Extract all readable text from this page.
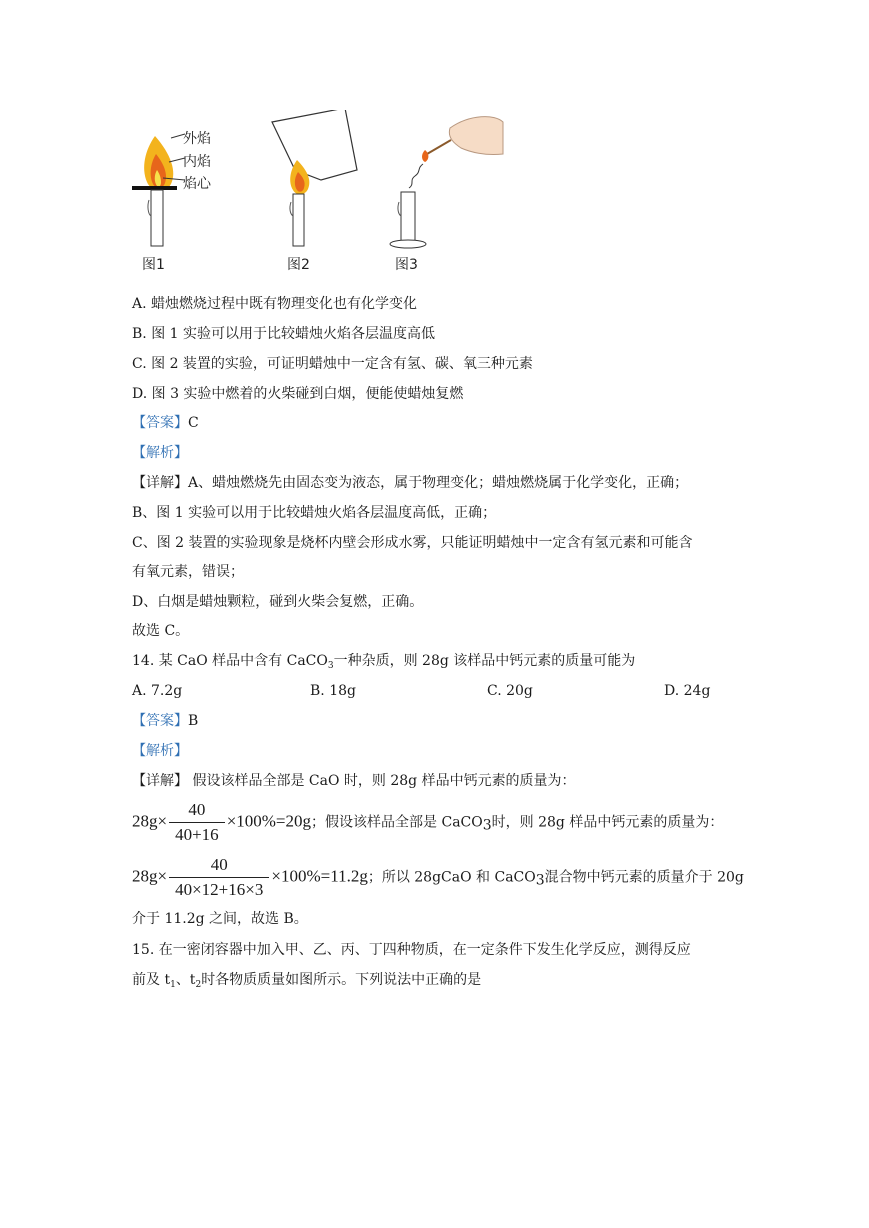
外焰
内焰
焰心
图1	图2	图3
A. 蜡烛燃烧过程中既有物理变化也有化学变化
B. 图 1 实验可以用于比较蜡烛火焰各层温度高低
C. 图 2 装置的实验，可证明蜡烛中一定含有氢、碳、氧三种元素
D. 图 3 实验中燃着的火柴碰到白烟，便能使蜡烛复燃
【答案】C
【解析】
【详解】A、蜡烛燃烧先由固态变为液态，属于物理变化；蜡烛燃烧属于化学变化，正确；
B、图 1 实验可以用于比较蜡烛火焰各层温度高低，正确；
C、图 2 装置的实验现象是烧杯内壁会形成水雾，只能证明蜡烛中一定含有氢元素和可能含
有氧元素，错误；
D、白烟是蜡烛颗粒，碰到火柴会复燃，正确。
故选 C。
14. 某 CaO 样品中含有 CaCO$_3$一种杂质，则 28g 该样品中钙元素的质量可能为
A. 7.2g	B. 18g	C. 20g	D. 24g
【答案】B
【解析】
【详解】 假设该样品全部是 CaO 时，则 28g 样品中钙元素的质量为：
$28g\times \frac{40}{40+16} \times 100\%=20g$；假设该样品全部是 CaCO$_3$时，则 28g 样品中钙元素的质量为：
$28g\times \frac{40}{40\times 12+16\times 3} \times 100\%=11.2g$；所以 28gCaO 和 CaCO$_3$混合物中钙元素的质量介于 20g
介于 11.2g 之间，故选 B。
15. 在一密闭容器中加入甲、乙、丙、丁四种物质，在一定条件下发生化学反应，测得反应
前及 $t_1$、$t_2$时各物质质量如图所示。下列说法中正确的是
